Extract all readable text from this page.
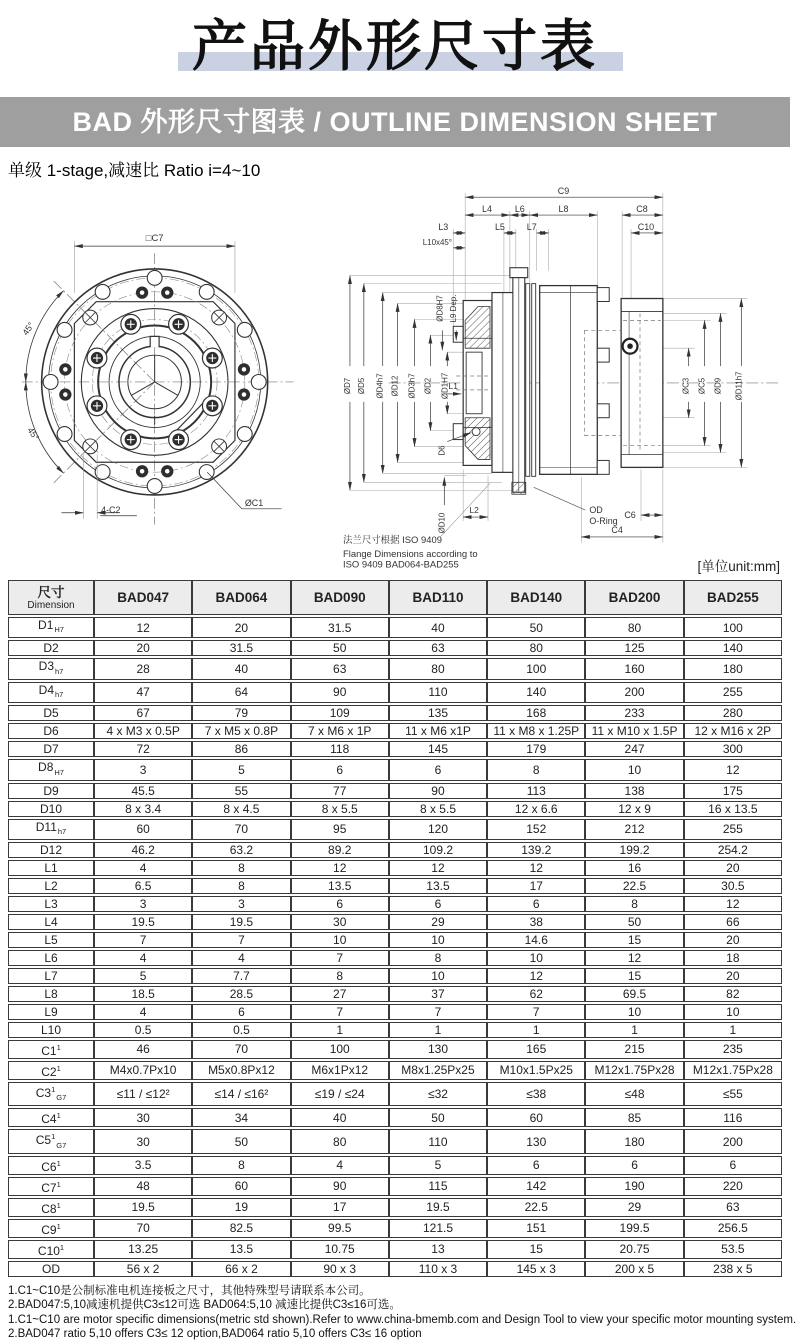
产品外形尺寸表
BAD 外形尺寸图表 / OUTLINE DIMENSION SHEET
单级 1-stage,减速比 Ratio i=4~10
□C7
45°
45°
4-C2
ØC1
C9
L4	L6	L8	C8
L3	L5 L7	C10
L10x45°
ØD7 ØD5 ØD4h7 ØD12 ØD3h7 ØD2 ØD1H7
ØD8H7 L9 Dep.
L1
D6
ØD10
L2	OD
O-Ring
C6
C4
ØC3 ØC5 ØD9 ØD11h7
法兰尺寸根据 ISO 9409
Flange Dimensions according to
ISO 9409 BAD064-BAD255	[单位unit:mm]
尺寸
Dimension	BAD047	BAD064	BAD090	BAD110	BAD140	BAD200	BAD255
$D1_{H7}$	12	20	31.5	40	50	80	100
D2	20	31.5	50	63	80	125	140
$D3_{h7}$	28	40	63	80	100	160	180
$D4_{h7}$	47	64	90	110	140	200	255
D5	67	79	109	135	168	233	280
D6	4 x M3 x 0.5P	7 x M5 x 0.8P	7 x M6 x 1P	11 x M6 x1P	11 x M8 x 1.25P	11 x M10 x 1.5P	12 x M16 x 2P
D7	72	86	118	145	179	247	300
$D8_{H7}$	3	5	6	6	8	10	12
D9	45.5	55	77	90	113	138	175
D10	8 x 3.4	8 x 4.5	8 x 5.5	8 x 5.5	12 x 6.6	12 x 9	16 x 13.5
$D11_{h7}$	60	70	95	120	152	212	255
D12	46.2	63.2	89.2	109.2	139.2	199.2	254.2
L1	4	8	12	12	12	16	20
L2	6.5	8	13.5	13.5	17	22.5	30.5
L3	3	3	6	6	6	8	12
L4	19.5	19.5	30	29	38	50	66
L5	7	7	10	10	14.6	15	20
L6	4	4	7	8	10	12	18
L7	5	7.7	8	10	12	15	20
L8	18.5	28.5	27	37	62	69.5	82
L9	4	6	7	7	7	10	10
L10	0.5	0.5	1	1	1	1	1
$C1^1$	46	70	100	130	165	215	235
$C2^1$	M4x0.7Px10	M5x0.8Px12	M6x1Px12	M8x1.25Px25	M10x1.5Px25	M12x1.75Px28	M12x1.75Px28
$C3^1_{G7}$	≤11 / ≤12²	≤14 / ≤16²	≤19 / ≤24	≤32	≤38	≤48	≤55
$C4^1$	30	34	40	50	60	85	116
$C5^1_{G7}$	30	50	80	110	130	180	200
$C6^1$	3.5	8	4	5	6	6	6
$C7^1$	48	60	90	115	142	190	220
$C8^1$	19.5	19	17	19.5	22.5	29	63
$C9^1$	70	82.5	99.5	121.5	151	199.5	256.5
$C10^1$	13.25	13.5	10.75	13	15	20.75	53.5
OD	56 x 2	66 x 2	90 x 3	110 x 3	145 x 3	200 x 5	238 x 5
1.C1~C10是公制标准电机连接板之尺寸，其他特殊型号请联系本公司。
2.BAD047:5,10减速机提供C3≤12可选 BAD064:5,10 减速比提供C3≤16可选。
1.C1~C10 are motor specific dimensions(metric std shown).Refer to www.china-bmemb.com and Design Tool to view your specific motor mounting system.
2.BAD047 ratio 5,10 offers C3≤ 12 option,BAD064 ratio 5,10 offers C3≤ 16 option
